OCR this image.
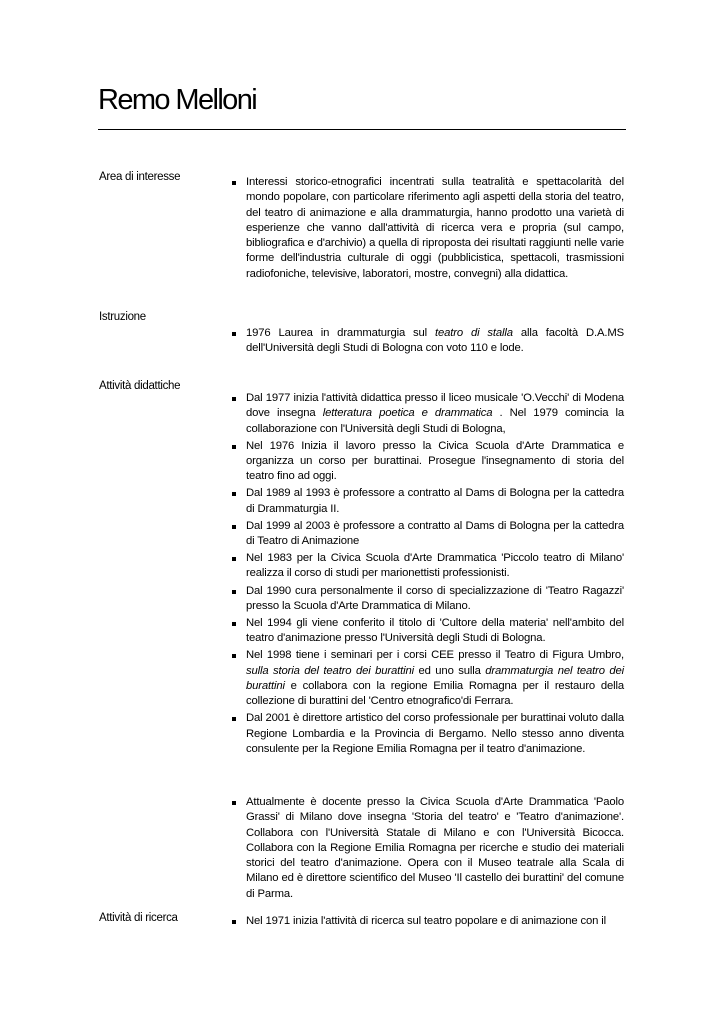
Remo Melloni
Area di interesse	Interessi storico-etnografici incentrati sulla teatralità e spettacolarità del mondo popolare, con particolare riferimento agli aspetti della storia del teatro, del teatro di animazione e alla drammaturgia, hanno prodotto una varietà di esperienze che vanno dall'attività di ricerca vera e propria (sul campo, bibliografica e d'archivio) a quella di riproposta dei risultati raggiunti nelle varie forme dell'industria culturale di oggi (pubblicistica, spettacoli, trasmissioni radiofoniche, televisive, laboratori, mostre, convegni) alla didattica.
Istruzione
1976 Laurea in drammaturgia sul teatro di stalla alla facoltà D.A.MS dell'Università degli Studi di Bologna con voto 110 e lode.
Attività didattiche
Dal 1977 inizia l'attività didattica presso il liceo musicale 'O.Vecchi' di Modena dove insegna letteratura poetica e drammatica . Nel 1979 comincia la collaborazione con l'Università degli Studi di Bologna,
Nel 1976 Inizia il lavoro presso la Civica Scuola d'Arte Drammatica e organizza un corso per burattinai. Prosegue l'insegnamento di storia del teatro fino ad oggi.
Dal 1989 al 1993 è professore a contratto al Dams di Bologna per la cattedra di Drammaturgia II.
Dal 1999 al 2003 è professore a contratto al Dams di Bologna per la cattedra di Teatro di Animazione
Nel 1983 per la Civica Scuola d'Arte Drammatica 'Piccolo teatro di Milano' realizza il corso di studi per marionettisti professionisti.
Dal 1990 cura personalmente il corso di specializzazione di 'Teatro Ragazzi' presso la Scuola d'Arte Drammatica di Milano.
Nel 1994 gli viene conferito il titolo di 'Cultore della materia' nell'ambito del teatro d'animazione presso l'Università degli Studi di Bologna.
Nel 1998 tiene i seminari per i corsi CEE presso il Teatro di Figura Umbro, sulla storia del teatro dei burattini ed uno sulla drammaturgia nel teatro dei burattini e collabora con la regione Emilia Romagna per il restauro della collezione di burattini del 'Centro etnografico'di Ferrara.
Dal 2001 è direttore artistico del corso professionale per burattinai voluto dalla Regione Lombardia e la Provincia di Bergamo. Nello stesso anno diventa consulente per la Regione Emilia Romagna per il teatro d'animazione.
Attualmente è docente presso la Civica Scuola d'Arte Drammatica 'Paolo Grassi' di Milano dove insegna 'Storia del teatro' e 'Teatro d'animazione'. Collabora con l'Università Statale di Milano e con l'Università Bicocca. Collabora con la Regione Emilia Romagna per ricerche e studio dei materiali storici del teatro d'animazione. Opera con il Museo teatrale alla Scala di Milano ed è direttore scientifico del Museo 'Il castello dei burattini' del comune di Parma.
Attività di ricerca	Nel 1971 inizia l'attività di ricerca sul teatro popolare e di animazione con il
